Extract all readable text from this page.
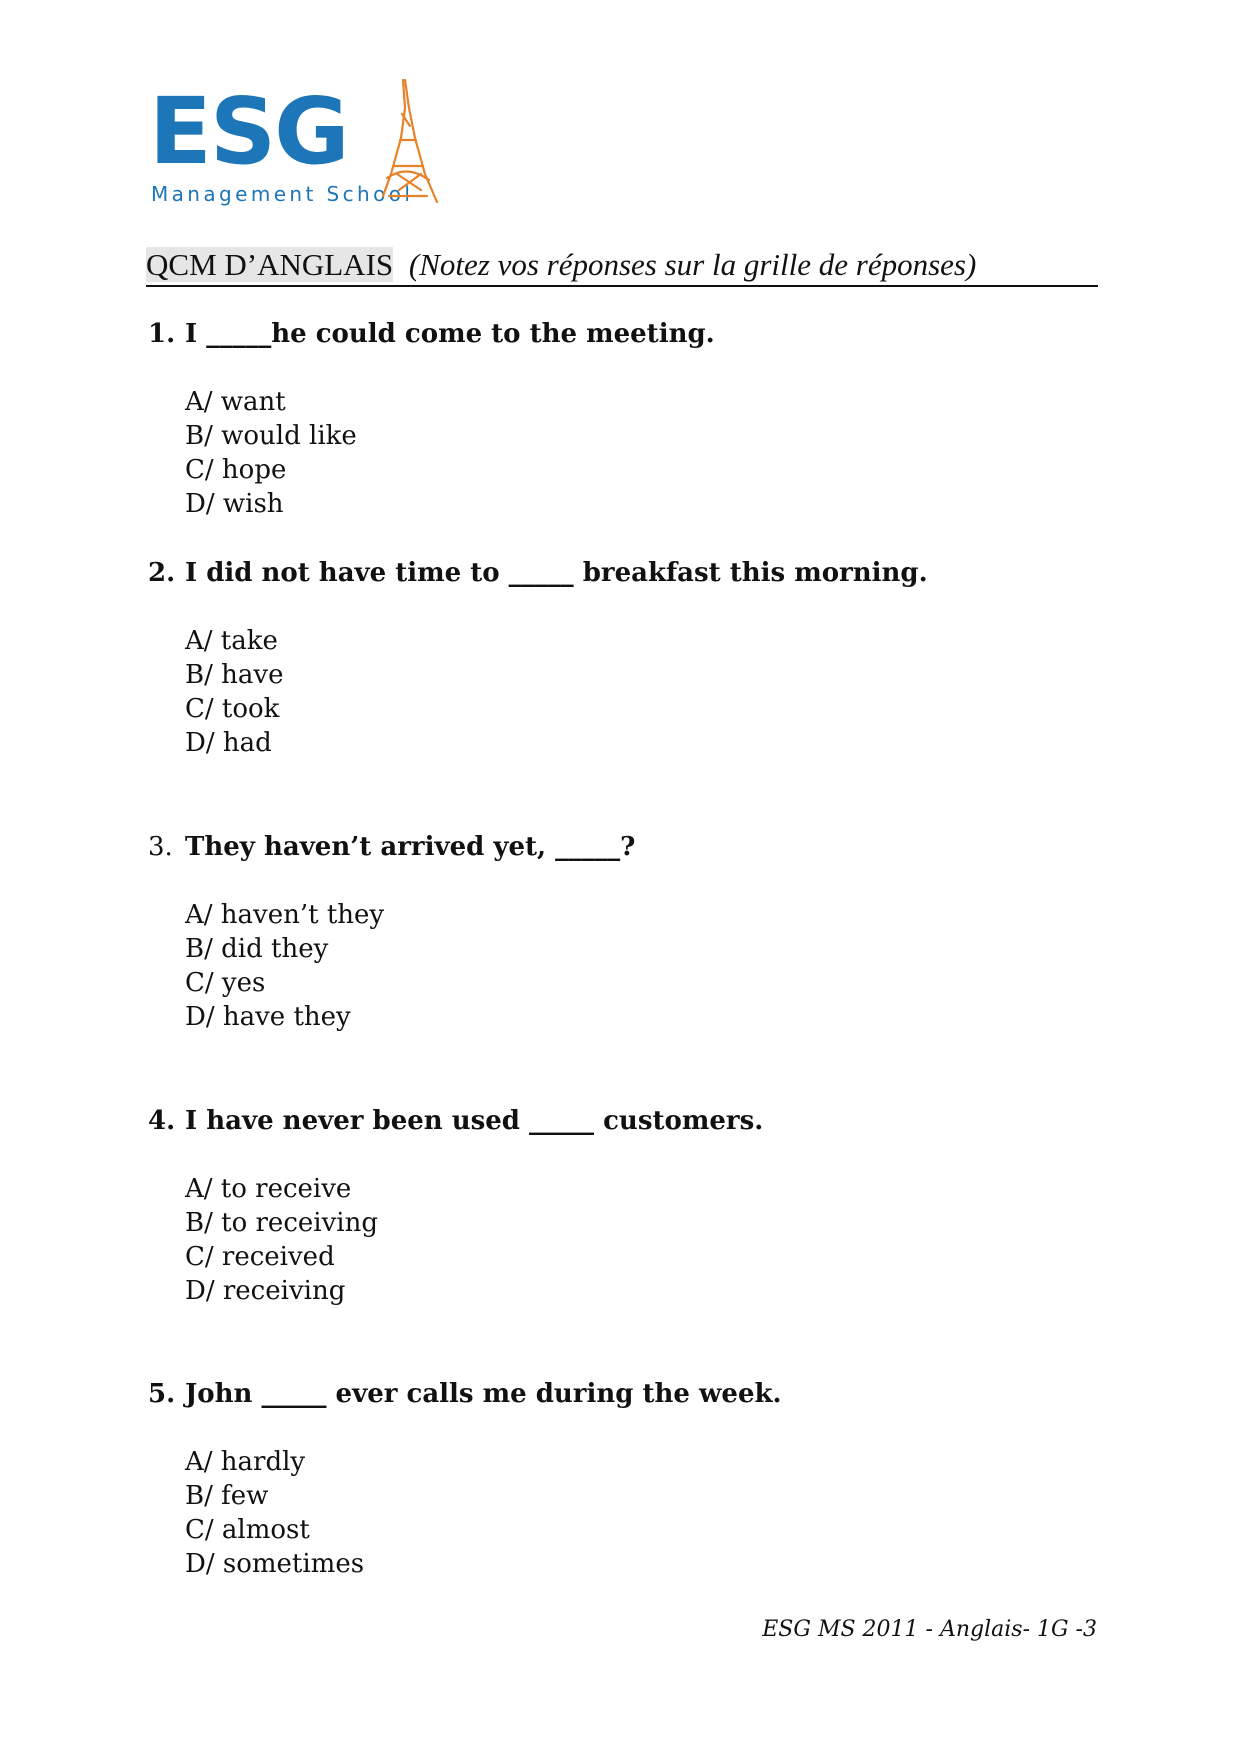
ESG
Management School
QCM D’ANGLAIS (Notez vos réponses sur la grille de réponses)
1. I _____he could come to the meeting.
A/ want
B/ would like
C/ hope
D/ wish
2. I did not have time to _____ breakfast this morning.
A/ take
B/ have
C/ took
D/ had
3. They haven’t arrived yet, _____?
A/ haven’t they
B/ did they
C/ yes
D/ have they
4. I have never been used _____ customers.
A/ to receive
B/ to receiving
C/ received
D/ receiving
5. John _____ ever calls me during the week.
A/ hardly
B/ few
C/ almost
D/ sometimes
ESG MS 2011 - Anglais- 1G -3
